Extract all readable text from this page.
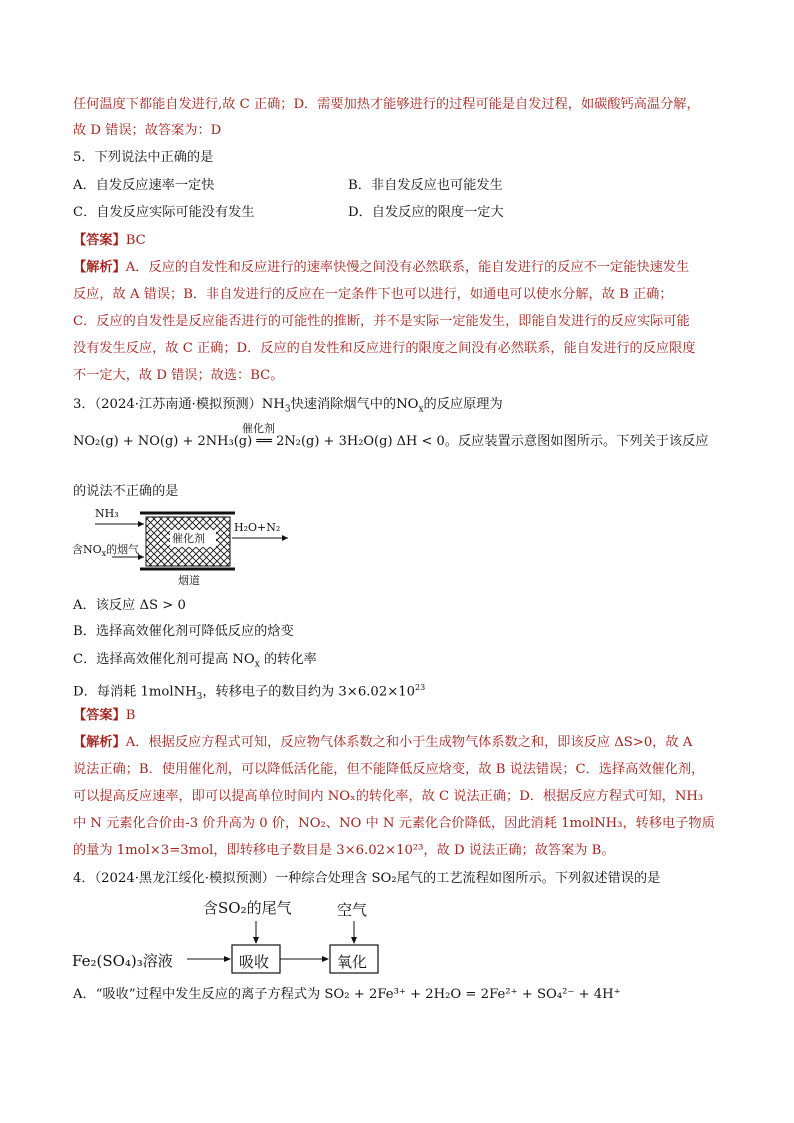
任何温度下都能自发进行,故 C 正确；D．需要加热才能够进行的过程可能是自发过程，如碳酸钙高温分解，
故 D 错误；故答案为：D
5．下列说法中正确的是
A．自发反应速率一定快	B．非自发反应也可能发生
C．自发反应实际可能没有发生	D．自发反应的限度一定大
【答案】BC
【解析】A．反应的自发性和反应进行的速率快慢之间没有必然联系，能自发进行的反应不一定能快速发生
反应，故 A 错误；B．非自发进行的反应在一定条件下也可以进行，如通电可以使水分解，故 B 正确；
C．反应的自发性是反应能否进行的可能性的推断，并不是实际一定能发生，即能自发进行的反应实际可能
没有发生反应，故 C 正确；D．反应的自发性和反应进行的限度之间没有必然联系，能自发进行的反应限度
不一定大，故 D 错误；故选：BC。
3．（2024·江苏南通·模拟预测）$NH_3$快速消除烟气中的$NO_x$的反应原理为
NO₂(g) + NO(g) + 2NH₃(g) ══ 2N₂(g) + 3H₂O(g) ΔH < 0。反应装置示意图如图所示。下列关于该反应
催化剂
的说法不正确的是
NH₃
含$NO_x$的烟气
催化剂
H₂O+N₂
烟道
A．该反应 ΔS > 0
B．选择高效催化剂可降低反应的焓变
C．选择高效催化剂可提高 $NO_x$ 的转化率
D．每消耗 1molNH$_3$，转移电子的数目约为 $3\times 6.02\times 10^{23}$
【答案】B
【解析】A．根据反应方程式可知，反应物气体系数之和小于生成物气体系数之和，即该反应 ΔS>0，故 A
说法正确；B．使用催化剂，可以降低活化能，但不能降低反应焓变，故 B 说法错误；C．选择高效催化剂，
可以提高反应速率，即可以提高单位时间内 NOₓ的转化率，故 C 说法正确；D．根据反应方程式可知，NH₃
中 N 元素化合价由-3 价升高为 0 价，NO₂、NO 中 N 元素化合价降低，因此消耗 1molNH₃，转移电子物质
的量为 1mol×3=3mol，即转移电子数目是 3×6.02×10²³，故 D 说法正确；故答案为 B。
4．（2024·黑龙江绥化·模拟预测）一种综合处理含 SO₂尾气的工艺流程如图所示。下列叙述错误的是
含SO₂的尾气	空气
Fe₂(SO₄)₃溶液	吸收	氧化
A．“吸收”过程中发生反应的离子方程式为 SO₂ + 2Fe³⁺ + 2H₂O = 2Fe²⁺ + SO₄²⁻ + 4H⁺
